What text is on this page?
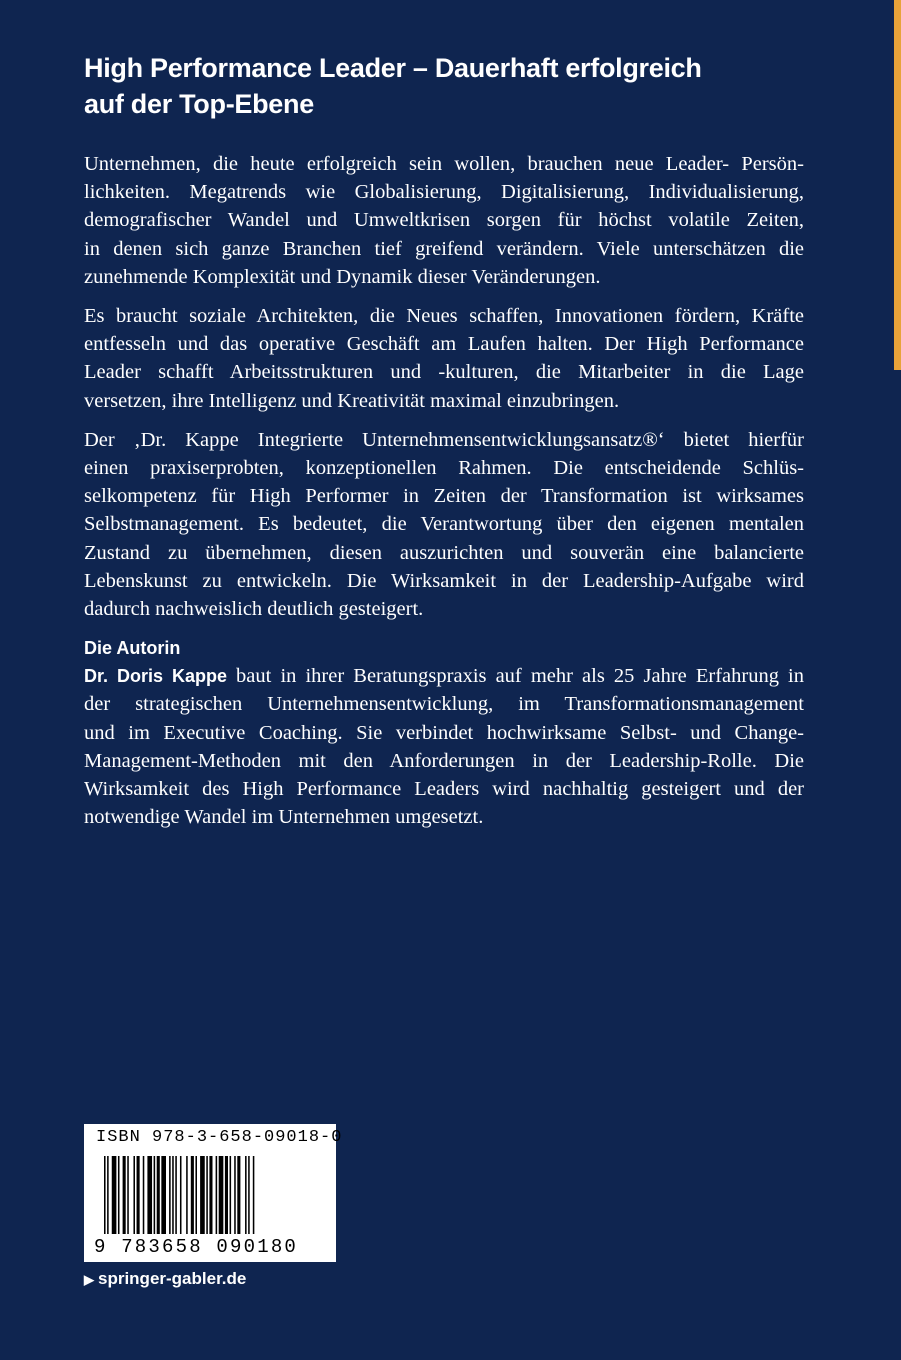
High Performance Leader – Dauerhaft erfolgreich
auf der Top-Ebene

Unternehmen, die heute erfolgreich sein wollen, brauchen neue Leader- Persön-
lichkeiten. Megatrends wie Globalisierung, Digitalisierung, Individualisierung,
demografischer Wandel und Umweltkrisen sorgen für höchst volatile Zeiten,
in denen sich ganze Branchen tief greifend verändern. Viele unterschätzen die
zunehmende Komplexität und Dynamik dieser Veränderungen.

Es braucht soziale Architekten, die Neues schaffen, Innovationen fördern, Kräfte
entfesseln und das operative Geschäft am Laufen halten. Der High Performance
Leader schafft Arbeitsstrukturen und -kulturen, die Mitarbeiter in die Lage
versetzen, ihre Intelligenz und Kreativität maximal einzubringen.

Der ‚Dr. Kappe Integrierte Unternehmensentwicklungsansatz®‘ bietet hierfür
einen praxiserprobten, konzeptionellen Rahmen. Die entscheidende Schlüs-
selkompetenz für High Performer in Zeiten der Transformation ist wirksames
Selbstmanagement. Es bedeutet, die Verantwortung über den eigenen mentalen
Zustand zu übernehmen, diesen auszurichten und souverän eine balancierte
Lebenskunst zu entwickeln. Die Wirksamkeit in der Leadership-Aufgabe wird
dadurch nachweislich deutlich gesteigert.

Die Autorin

Dr. Doris Kappe baut in ihrer Beratungspraxis auf mehr als 25 Jahre Erfahrung in
der strategischen Unternehmensentwicklung, im Transformationsmanagement
und im Executive Coaching. Sie verbindet hochwirksame Selbst- und Change-
Management-Methoden mit den Anforderungen in der Leadership-Rolle. Die
Wirksamkeit des High Performance Leaders wird nachhaltig gesteigert und der
notwendige Wandel im Unternehmen umgesetzt.

ISBN 978-3-658-09018-0
9 783658 090180
▶ springer-gabler.de
